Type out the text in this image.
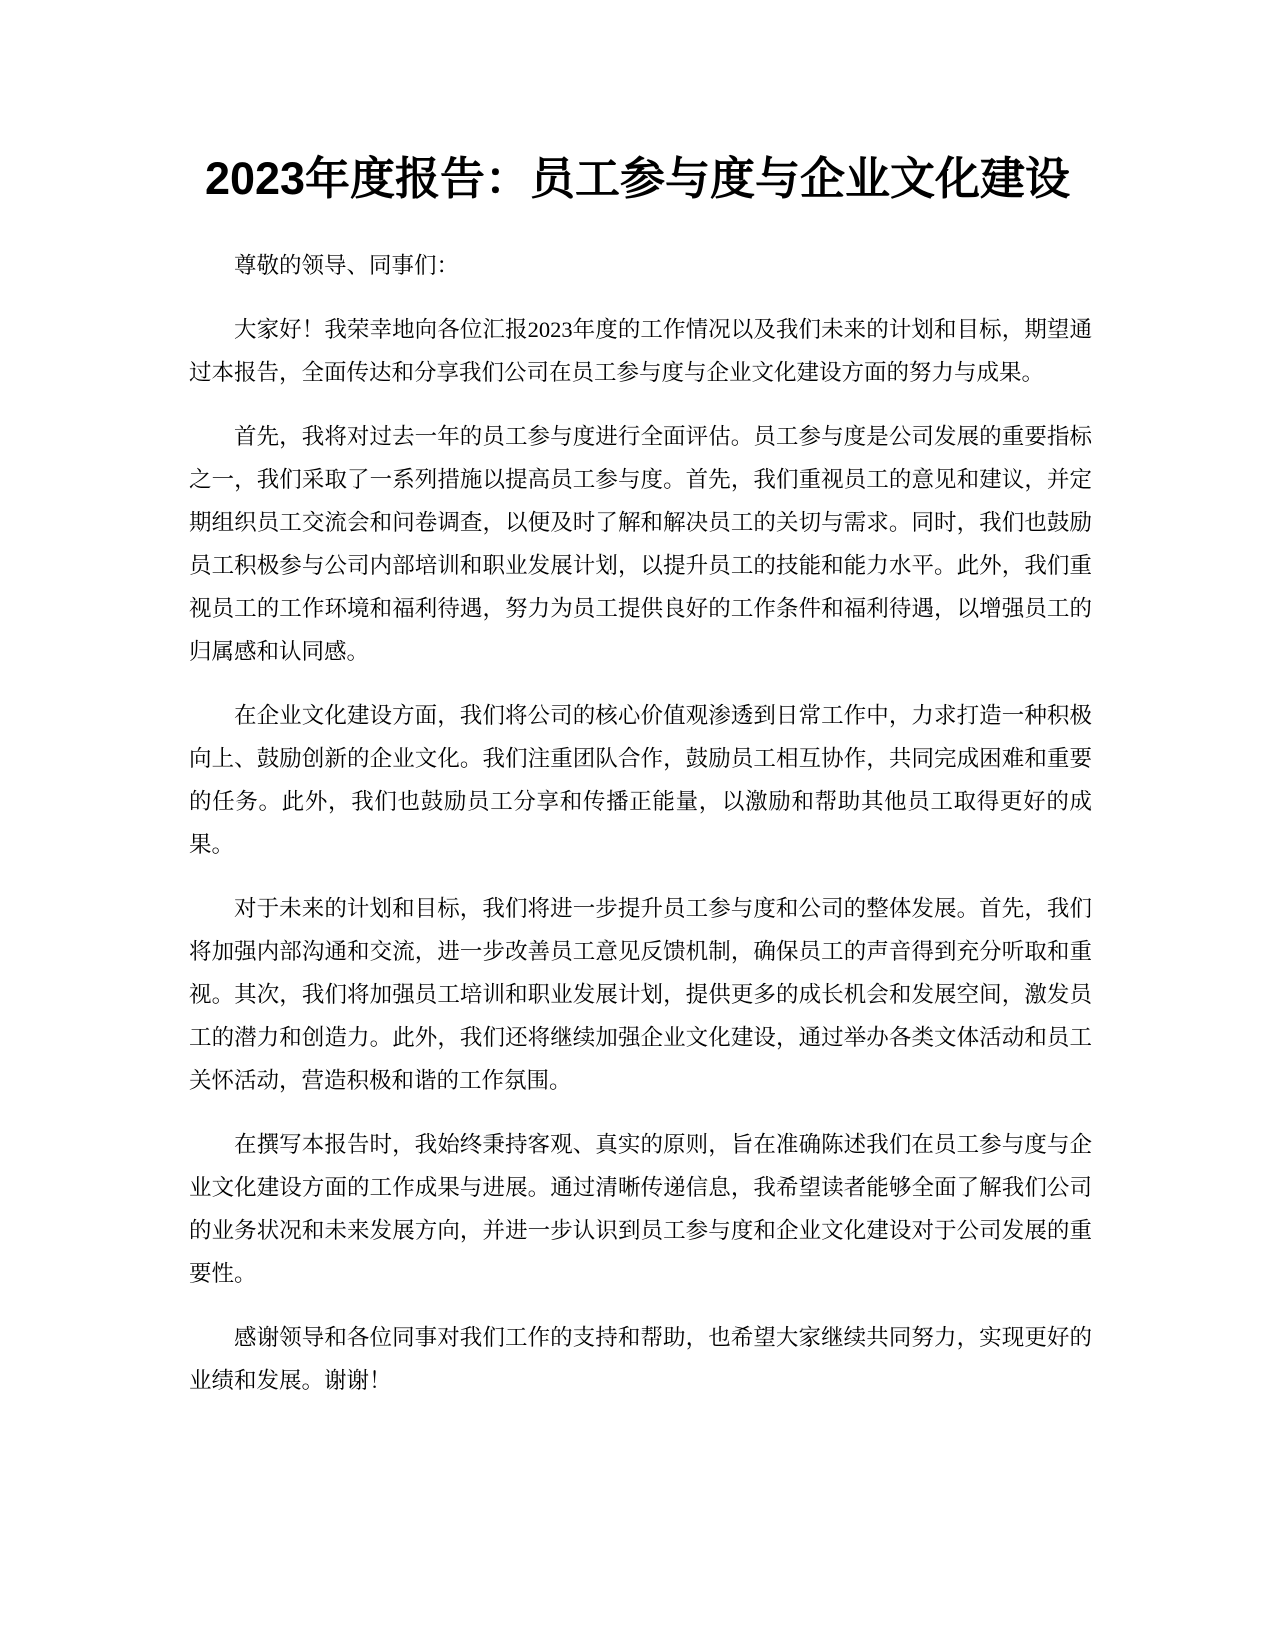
2023年度报告：员工参与度与企业文化建设

尊敬的领导、同事们：

大家好！我荣幸地向各位汇报2023年度的工作情况以及我们未来的计划和目标，期望通过本报告，全面传达和分享我们公司在员工参与度与企业文化建设方面的努力与成果。

首先，我将对过去一年的员工参与度进行全面评估。员工参与度是公司发展的重要指标之一，我们采取了一系列措施以提高员工参与度。首先，我们重视员工的意见和建议，并定期组织员工交流会和问卷调查，以便及时了解和解决员工的关切与需求。同时，我们也鼓励员工积极参与公司内部培训和职业发展计划，以提升员工的技能和能力水平。此外，我们重视员工的工作环境和福利待遇，努力为员工提供良好的工作条件和福利待遇，以增强员工的归属感和认同感。

在企业文化建设方面，我们将公司的核心价值观渗透到日常工作中，力求打造一种积极向上、鼓励创新的企业文化。我们注重团队合作，鼓励员工相互协作，共同完成困难和重要的任务。此外，我们也鼓励员工分享和传播正能量，以激励和帮助其他员工取得更好的成果。

对于未来的计划和目标，我们将进一步提升员工参与度和公司的整体发展。首先，我们将加强内部沟通和交流，进一步改善员工意见反馈机制，确保员工的声音得到充分听取和重视。其次，我们将加强员工培训和职业发展计划，提供更多的成长机会和发展空间，激发员工的潜力和创造力。此外，我们还将继续加强企业文化建设，通过举办各类文体活动和员工关怀活动，营造积极和谐的工作氛围。

在撰写本报告时，我始终秉持客观、真实的原则，旨在准确陈述我们在员工参与度与企业文化建设方面的工作成果与进展。通过清晰传递信息，我希望读者能够全面了解我们公司的业务状况和未来发展方向，并进一步认识到员工参与度和企业文化建设对于公司发展的重要性。

感谢领导和各位同事对我们工作的支持和帮助，也希望大家继续共同努力，实现更好的业绩和发展。谢谢！
